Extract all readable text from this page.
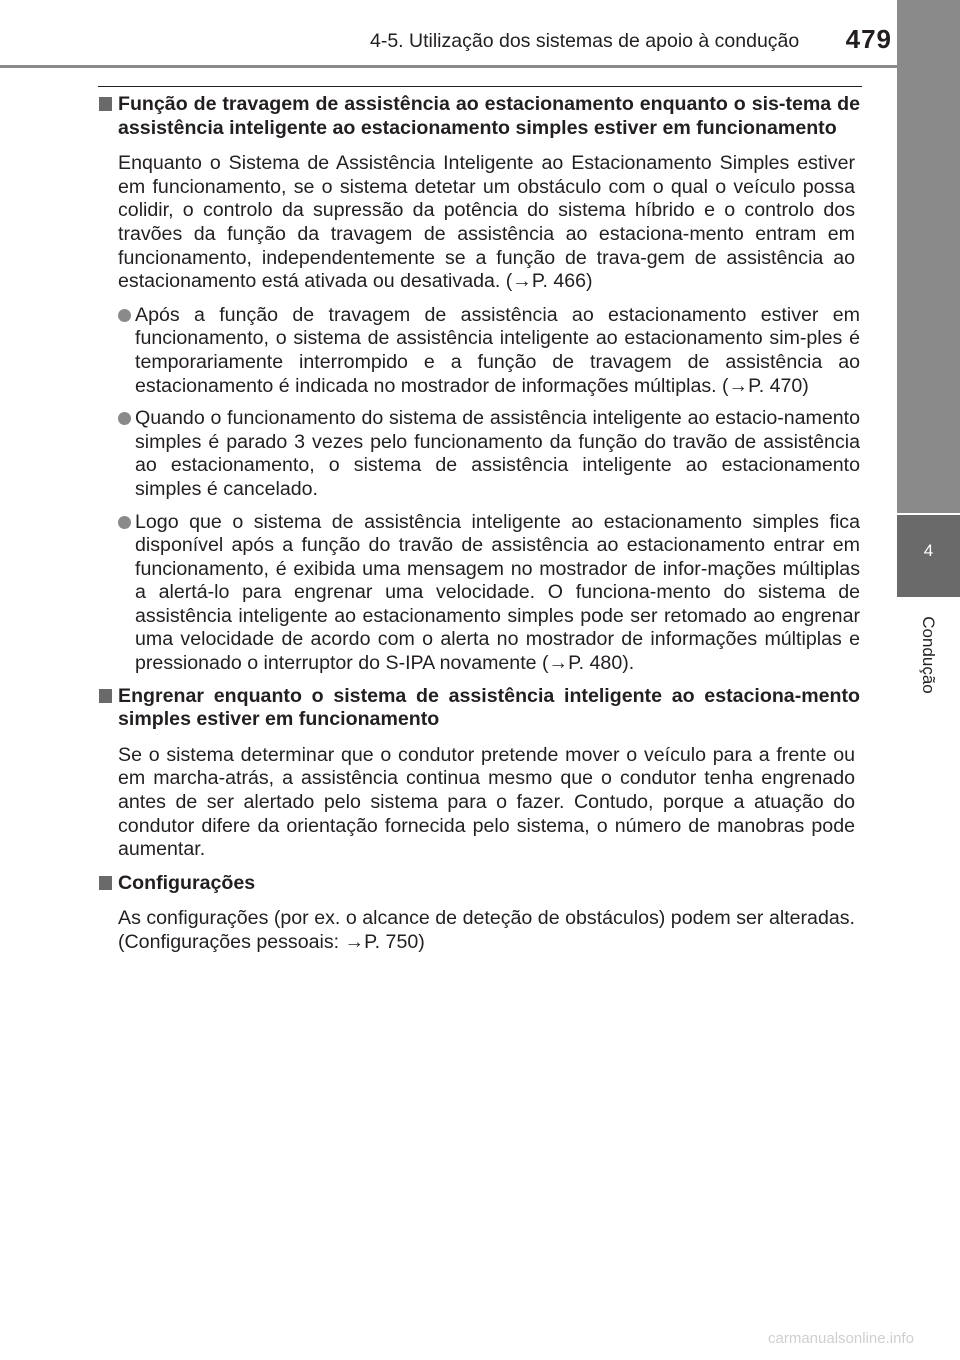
4-5. Utilização dos sistemas de apoio à condução	479
4
Condução
Função de travagem de assistência ao estacionamento enquanto o sis-tema de assistência inteligente ao estacionamento simples estiver em funcionamento
Enquanto o Sistema de Assistência Inteligente ao Estacionamento Simples estiver em funcionamento, se o sistema detetar um obstáculo com o qual o veículo possa colidir, o controlo da supressão da potência do sistema híbrido e o controlo dos travões da função da travagem de assistência ao estaciona-mento entram em funcionamento, independentemente se a função de trava-gem de assistência ao estacionamento está ativada ou desativada. (→P. 466)
Após a função de travagem de assistência ao estacionamento estiver em funcionamento, o sistema de assistência inteligente ao estacionamento sim-ples é temporariamente interrompido e a função de travagem de assistência ao estacionamento é indicada no mostrador de informações múltiplas. (→P. 470)
Quando o funcionamento do sistema de assistência inteligente ao estacio-namento simples é parado 3 vezes pelo funcionamento da função do travão de assistência ao estacionamento, o sistema de assistência inteligente ao estacionamento simples é cancelado.
Logo que o sistema de assistência inteligente ao estacionamento simples fica disponível após a função do travão de assistência ao estacionamento entrar em funcionamento, é exibida uma mensagem no mostrador de infor-mações múltiplas a alertá-lo para engrenar uma velocidade. O funciona-mento do sistema de assistência inteligente ao estacionamento simples pode ser retomado ao engrenar uma velocidade de acordo com o alerta no mostrador de informações múltiplas e pressionado o interruptor do S-IPA novamente (→P. 480).
Engrenar enquanto o sistema de assistência inteligente ao estaciona-mento simples estiver em funcionamento
Se o sistema determinar que o condutor pretende mover o veículo para a frente ou em marcha-atrás, a assistência continua mesmo que o condutor tenha engrenado antes de ser alertado pelo sistema para o fazer. Contudo, porque a atuação do condutor difere da orientação fornecida pelo sistema, o número de manobras pode aumentar.
Configurações
As configurações (por ex. o alcance de deteção de obstáculos) podem ser alteradas. (Configurações pessoais: →P. 750)
carmanualsonline.info
